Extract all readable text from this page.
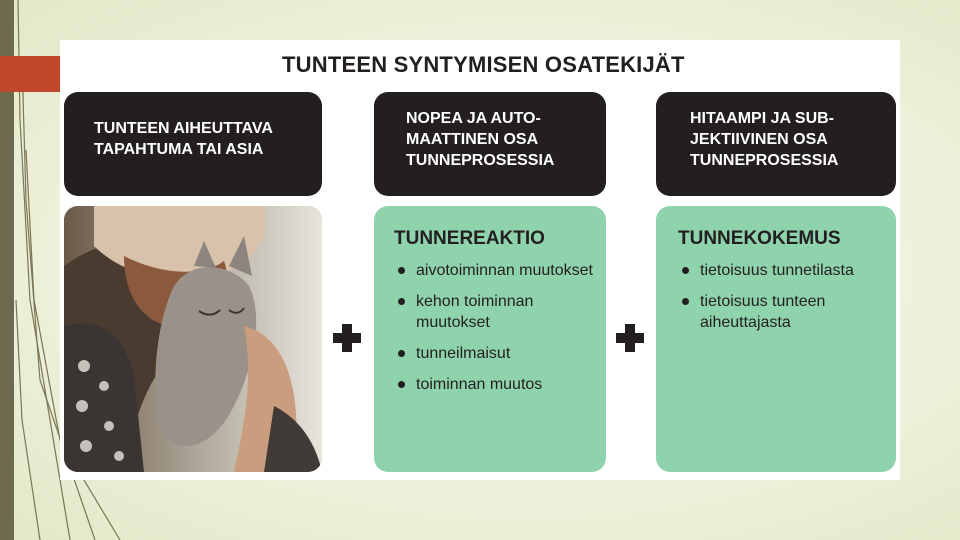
TUNTEEN SYNTYMISEN OSATEKIJÄT

TUNTEEN AIHEUTTAVA

TAPAHTUMA TAI ASIA

NOPEA JA AUTO-

MAATTINEN OSA

TUNNEPROSESSIA

HITAAMPI JA SUB-

JEKTIIVINEN OSA

TUNNEPROSESSIA

TUNNEREAKTIO

aivotoiminnan muutokset
kehon toiminnan muutokset
tunneilmaisut
toiminnan muutos

TUNNEKOKEMUS

tietoisuus tunnetilasta
tietoisuus tunteen aiheuttajasta
